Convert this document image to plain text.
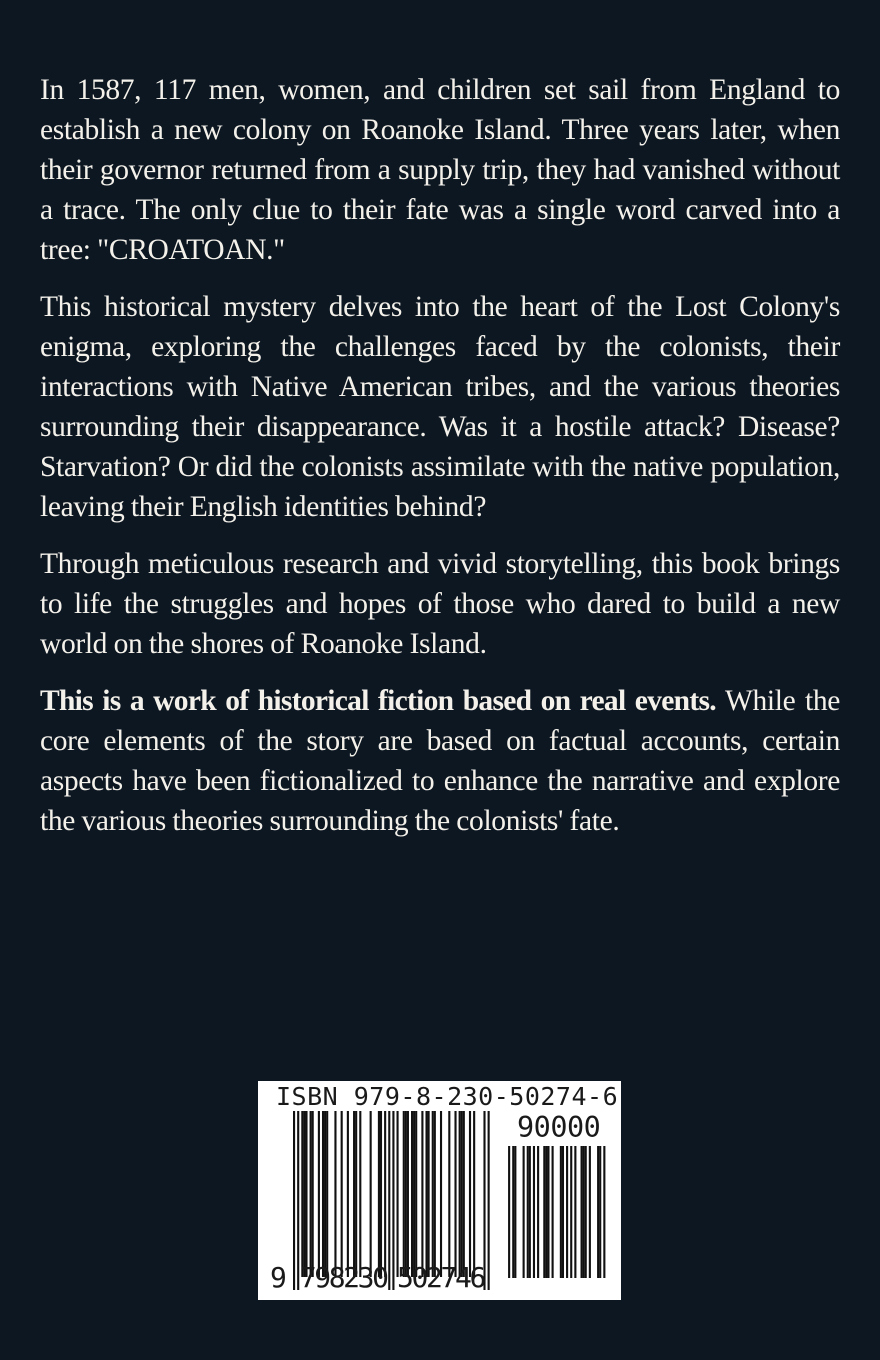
In 1587, 117 men, women, and children set sail from England to establish a new colony on Roanoke Island. Three years later, when their governor returned from a supply trip, they had vanished without a trace. The only clue to their fate was a single word carved into a tree: "CROATOAN."

This historical mystery delves into the heart of the Lost Colony's enigma, exploring the challenges faced by the colonists, their interactions with Native American tribes, and the various theories surrounding their disappearance. Was it a hostile attack? Disease? Starvation? Or did the colonists assimilate with the native population, leaving their English identities behind?

Through meticulous research and vivid storytelling, this book brings to life the struggles and hopes of those who dared to build a new world on the shores of Roanoke Island.

This is a work of historical fiction based on real events. While the core elements of the story are based on factual accounts, certain aspects have been fictionalized to enhance the narrative and explore the various theories surrounding the colonists' fate.

ISBN 979-8-230-50274-6
90000
9 7
9
8
2
3
0 5
0
2
7
4
6
